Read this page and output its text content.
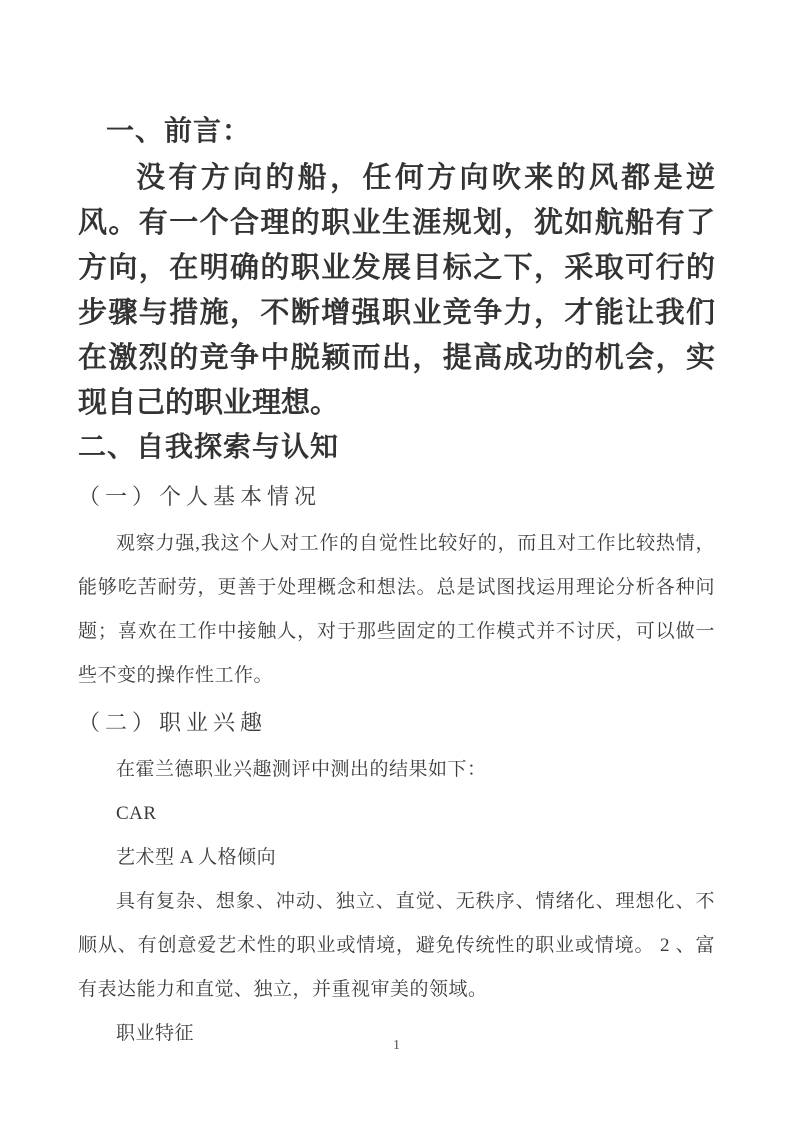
一、前言：

没有方向的船，任何方向吹来的风都是逆风。有一个合理的职业生涯规划，犹如航船有了方向，在明确的职业发展目标之下，采取可行的步骤与措施，不断增强职业竞争力，才能让我们在激烈的竞争中脱颖而出，提高成功的机会，实现自己的职业理想。

二、自我探索与认知
（一）个人基本情况

观察力强,我这个人对工作的自觉性比较好的，而且对工作比较热情，能够吃苦耐劳，更善于处理概念和想法。总是试图找运用理论分析各种问题；喜欢在工作中接触人，对于那些固定的工作模式并不讨厌，可以做一些不变的操作性工作。

（二）职业兴趣

在霍兰德职业兴趣测评中测出的结果如下：

CAR

艺术型 A 人格倾向

具有复杂、想象、冲动、独立、直觉、无秩序、情绪化、理想化、不顺从、有创意爱艺术性的职业或情境，避免传统性的职业或情境。 2 、富有表达能力和直觉、独立，并重视审美的领域。

职业特征

1
